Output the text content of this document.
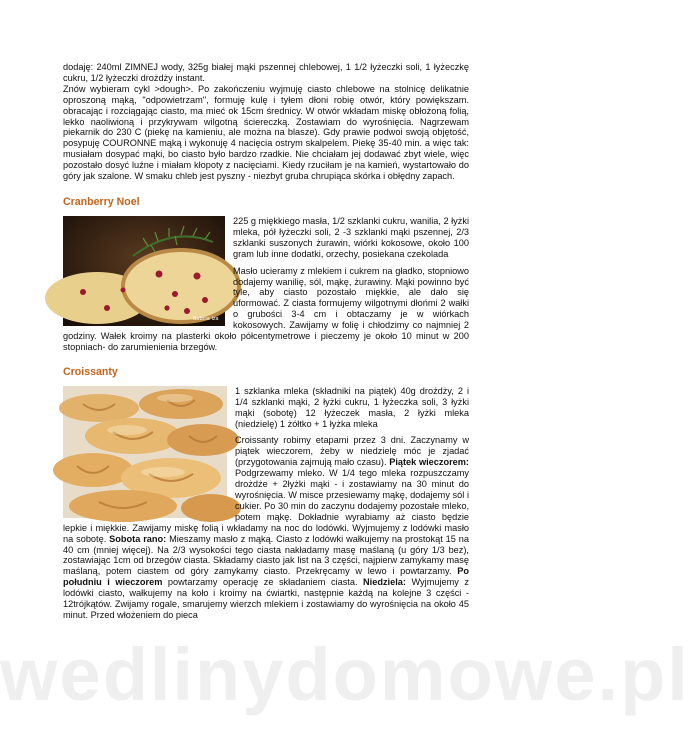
dodaję: 240ml ZIMNEJ wody, 325g białej mąki pszennej chlebowej, 1 1/2 łyżeczki soli, 1 łyżeczkę cukru, 1/2 łyżeczki drożdży instant.

Znów wybieram cykl >dough>. Po zakończeniu wyjmuję ciasto chlebowe na stolnicę delikatnie oproszoną mąką, "odpowietrzam", formuję kulę i tyłem dłoni robię otwór, który powiększam. obracając i rozciągając ciasto, ma mieć ok 15cm średnicy. W otwór wkładam miskę obłożoną folią, lekko naoliwioną i przykrywam wilgotną ściereczką. Zostawiam do wyrośnięcia. Nagrzewam piekarnik do 230 C (piekę na kamieniu, ale można na blasze). Gdy prawie podwoi swoją objętość, posypuję COURONNE mąką i wykonuję 4 nacięcia ostrym skalpelem. Piekę 35-40 min. a więc tak: musiałam dosypać mąki, bo ciasto było bardzo rzadkie. Nie chciałam jej dodawać zbyt wiele, więc pozostało dosyć luźne i miałam kłopoty z nacięciami. Kiedy rzuciłam je na kamień, wystartowało do góry jak szalone. W smaku chleb jest pyszny - niezbyt gruba chrupiąca skórka i obłędny zapach.

Cranberry Noel
Babcia Iza

225 g miękkiego masła, 1/2 szklanki cukru, wanilia, 2 łyżki mleka, pół łyżeczki soli, 2 -3 szklanki mąki pszennej, 2/3 szklanki suszonych żurawin, wiórki kokosowe, około 100 gram lub inne dodatki, orzechy, posiekana czekolada

Masło ucieramy z mlekiem i cukrem na gładko, stopniowo dodajemy wanilię, sól, mąkę, żurawiny. Mąki powinno być tyle, aby ciasto pozostało miękkie, ale dało się uformować. Z ciasta formujemy wilgotnymi dłońmi 2 wałki o grubości 3-4 cm i obtaczamy je w wiórkach kokosowych. Zawijamy w folię i chłodzimy co najmniej 2 godziny. Wałek kroimy na plasterki około półcentymetrowe i pieczemy je około 10 minut w 200 stopniach- do zarumienienia brzegów.

Croissanty

1 szklanka mleka (składniki na piątek) 40g drożdży, 2 i 1/4 szklanki mąki, 2 łyżki cukru, 1 łyżeczka soli, 3 łyżki mąki (sobotę) 12 łyżeczek masła, 2 łyżki mleka (niedzielę) 1 żółtko + 1 łyżka mleka

Croissanty robimy etapami przez 3 dni. Zaczynamy w piątek wieczorem, żeby w niedzielę móc je zjadać (przygotowania zajmują mało czasu). Piątek wieczorem: Podgrzewamy mleko. W 1/4 tego mleka rozpuszczamy drożdże + 2łyżki mąki - i zostawiamy na 30 minut do wyrośnięcia. W misce przesiewamy mąkę, dodajemy sól i cukier. Po 30 min do zaczynu dodajemy pozostałe mleko, potem mąkę. Dokładnie wyrabiamy aż ciasto będzie lepkie i miękkie. Zawijamy miskę folią i wkładamy na noc do lodówki. Wyjmujemy z lodówki masło na sobotę. Sobota rano: Mieszamy masło z mąką. Ciasto z lodówki wałkujemy na prostokąt 15 na 40 cm (mniej więcej). Na 2/3 wysokości tego ciasta nakładamy masę maślaną (u góry 1/3 bez), zostawiając 1cm od brzegów ciasta. Składamy ciasto jak list na 3 części, najpierw zamykamy masę maślaną, potem ciastem od góry zamykamy ciasto. Przekręcamy w lewo i powtarzamy. Po południu i wieczorem powtarzamy operację ze składaniem ciasta. Niedziela: Wyjmujemy z lodówki ciasto, wałkujemy na koło i kroimy na ćwiartki, następnie każdą na kolejne 3 części - 12trójkątów. Zwijamy rogale, smarujemy wierzch mlekiem i zostawiamy do wyrośnięcia na około 45 minut. Przed włożeniem do pieca

wedlinydomowe.pl
